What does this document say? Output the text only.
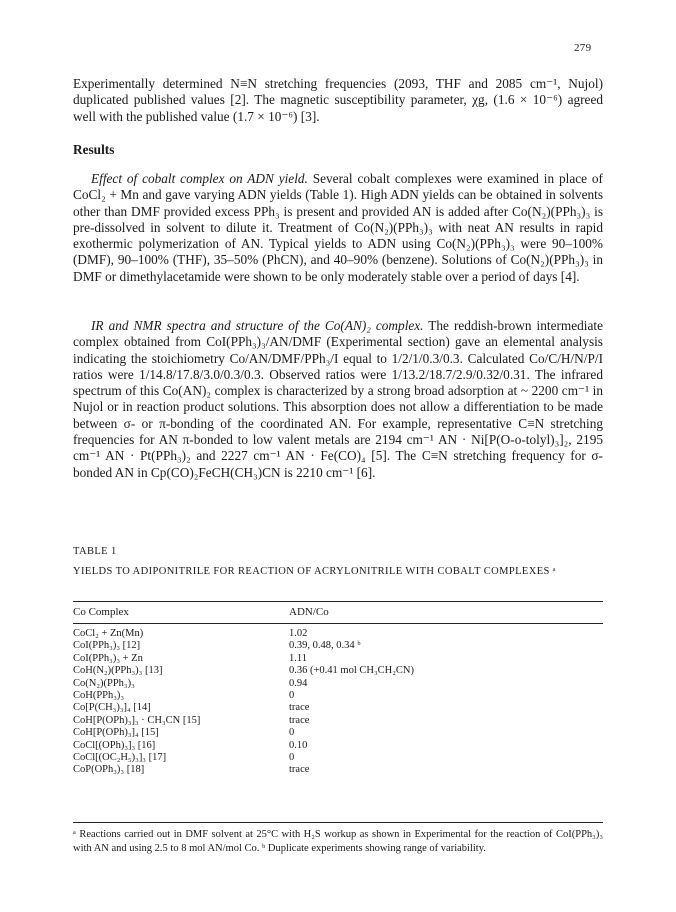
279

Experimentally determined N≡N stretching frequencies (2093, THF and 2085 cm⁻¹, Nujol) duplicated published values [2]. The magnetic susceptibility parameter, χg, (1.6 × 10⁻⁶) agreed well with the published value (1.7 × 10⁻⁶) [3].

Results

Effect of cobalt complex on ADN yield. Several cobalt complexes were examined in place of CoCl₂ + Mn and gave varying ADN yields (Table 1). High ADN yields can be obtained in solvents other than DMF provided excess PPh₃ is present and provided AN is added after Co(N₂)(PPh₃)₃ is pre-dissolved in solvent to dilute it. Treatment of Co(N₂)(PPh₃)₃ with neat AN results in rapid exothermic polymerization of AN. Typical yields to ADN using Co(N₂)(PPh₃)₃ were 90–100% (DMF), 90–100% (THF), 35–50% (PhCN), and 40–90% (benzene). Solutions of Co(N₂)(PPh₃)₃ in DMF or dimethylacetamide were shown to be only moderately stable over a period of days [4].

IR and NMR spectra and structure of the Co(AN)₂ complex. The reddish-brown intermediate complex obtained from CoI(PPh₃)₃/AN/DMF (Experimental section) gave an elemental analysis indicating the stoichiometry Co/AN/DMF/PPh₃/I equal to 1/2/1/0.3/0.3. Calculated Co/C/H/N/P/I ratios were 1/14.8/17.8/3.0/0.3/0.3. Observed ratios were 1/13.2/18.7/2.9/0.32/0.31. The infrared spectrum of this Co(AN)₂ complex is characterized by a strong broad adsorption at ~ 2200 cm⁻¹ in Nujol or in reaction product solutions. This absorption does not allow a differentiation to be made between σ- or π-bonding of the coordinated AN. For example, representative C≡N stretching frequencies for AN π-bonded to low valent metals are 2194 cm⁻¹ AN · Ni[P(O-o-tolyl)₃]₂, 2195 cm⁻¹ AN · Pt(PPh₃)₂ and 2227 cm⁻¹ AN · Fe(CO)₄ [5]. The C≡N stretching frequency for σ-bonded AN in Cp(CO)₂FeCH(CH₃)CN is 2210 cm⁻¹ [6].

TABLE 1
YIELDS TO ADIPONITRILE FOR REACTION OF ACRYLONITRILE WITH COBALT COMPLEXES ᵃ
Co Complex	ADN/Co
CoCl₂ + Zn(Mn)	1.02
CoI(PPh₃)₃ [12]	0.39, 0.48, 0.34 ᵇ
CoI(PPh₃)₃ + Zn	1.11
CoH(N₂)(PPh₃)₃ [13]	0.36 (+0.41 mol CH₃CH₂CN)
Co(N₂)(PPh₃)₃	0.94
CoH(PPh₃)₃	0
Co[P(CH₃)₃]₄ [14]	trace
CoH[P(OPh)₃]₃ · CH₃CN [15]	trace
CoH[P(OPh)₃]₄ [15]	0
CoCl[(OPh)₃]₃ [16]	0.10
CoCl[(OC₂H₅)₃]₃ [17]	0
CoP(OPh₃)₃ [18]	trace
ᵃ Reactions carried out in DMF solvent at 25°C with H₂S workup as shown in Experimental for the reaction of CoI(PPh₃)₃ with AN and using 2.5 to 8 mol AN/mol Co. ᵇ Duplicate experiments showing range of variability.
